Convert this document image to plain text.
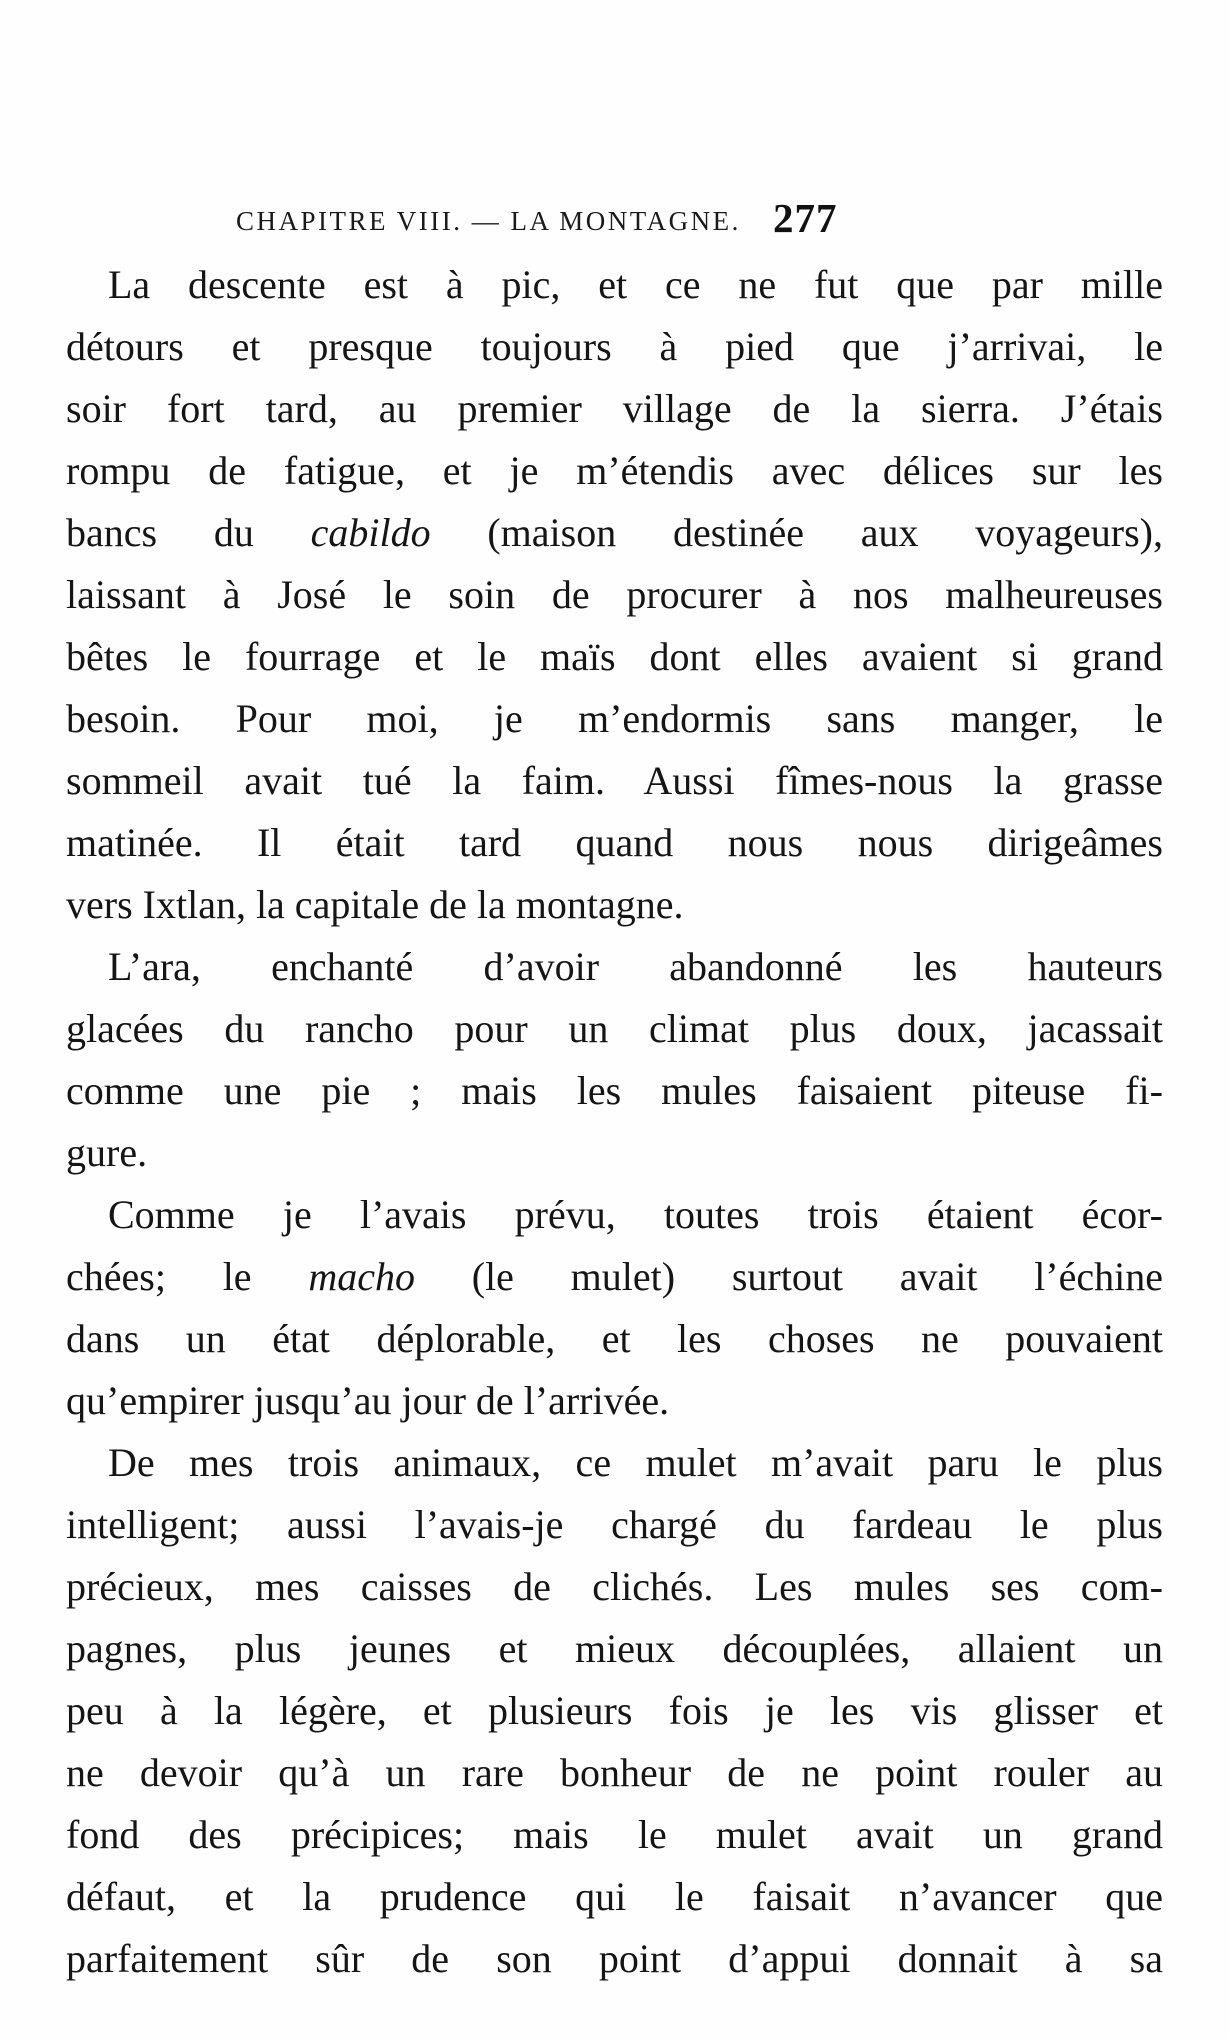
CHAPITRE VIII. — LA MONTAGNE. 277
La descente est à pic, et ce ne fut que par mille
détours et presque toujours à pied que j’arrivai, le
soir fort tard, au premier village de la sierra. J’étais
rompu de fatigue, et je m’étendis avec délices sur les
bancs du cabildo (maison destinée aux voyageurs),
laissant à José le soin de procurer à nos malheureuses
bêtes le fourrage et le maïs dont elles avaient si grand
besoin. Pour moi, je m’endormis sans manger, le
sommeil avait tué la faim. Aussi fîmes-nous la grasse
matinée. Il était tard quand nous nous dirigeâmes
vers Ixtlan, la capitale de la montagne.
L’ara, enchanté d’avoir abandonné les hauteurs
glacées du rancho pour un climat plus doux, jacassait
comme une pie ; mais les mules faisaient piteuse fi-
gure.
Comme je l’avais prévu, toutes trois étaient écor-
chées; le macho (le mulet) surtout avait l’échine
dans un état déplorable, et les choses ne pouvaient
qu’empirer jusqu’au jour de l’arrivée.
De mes trois animaux, ce mulet m’avait paru le plus
intelligent; aussi l’avais-je chargé du fardeau le plus
précieux, mes caisses de clichés. Les mules ses com-
pagnes, plus jeunes et mieux découplées, allaient un
peu à la légère, et plusieurs fois je les vis glisser et
ne devoir qu’à un rare bonheur de ne point rouler au
fond des précipices; mais le mulet avait un grand
défaut, et la prudence qui le faisait n’avancer que
parfaitement sûr de son point d’appui donnait à sa
